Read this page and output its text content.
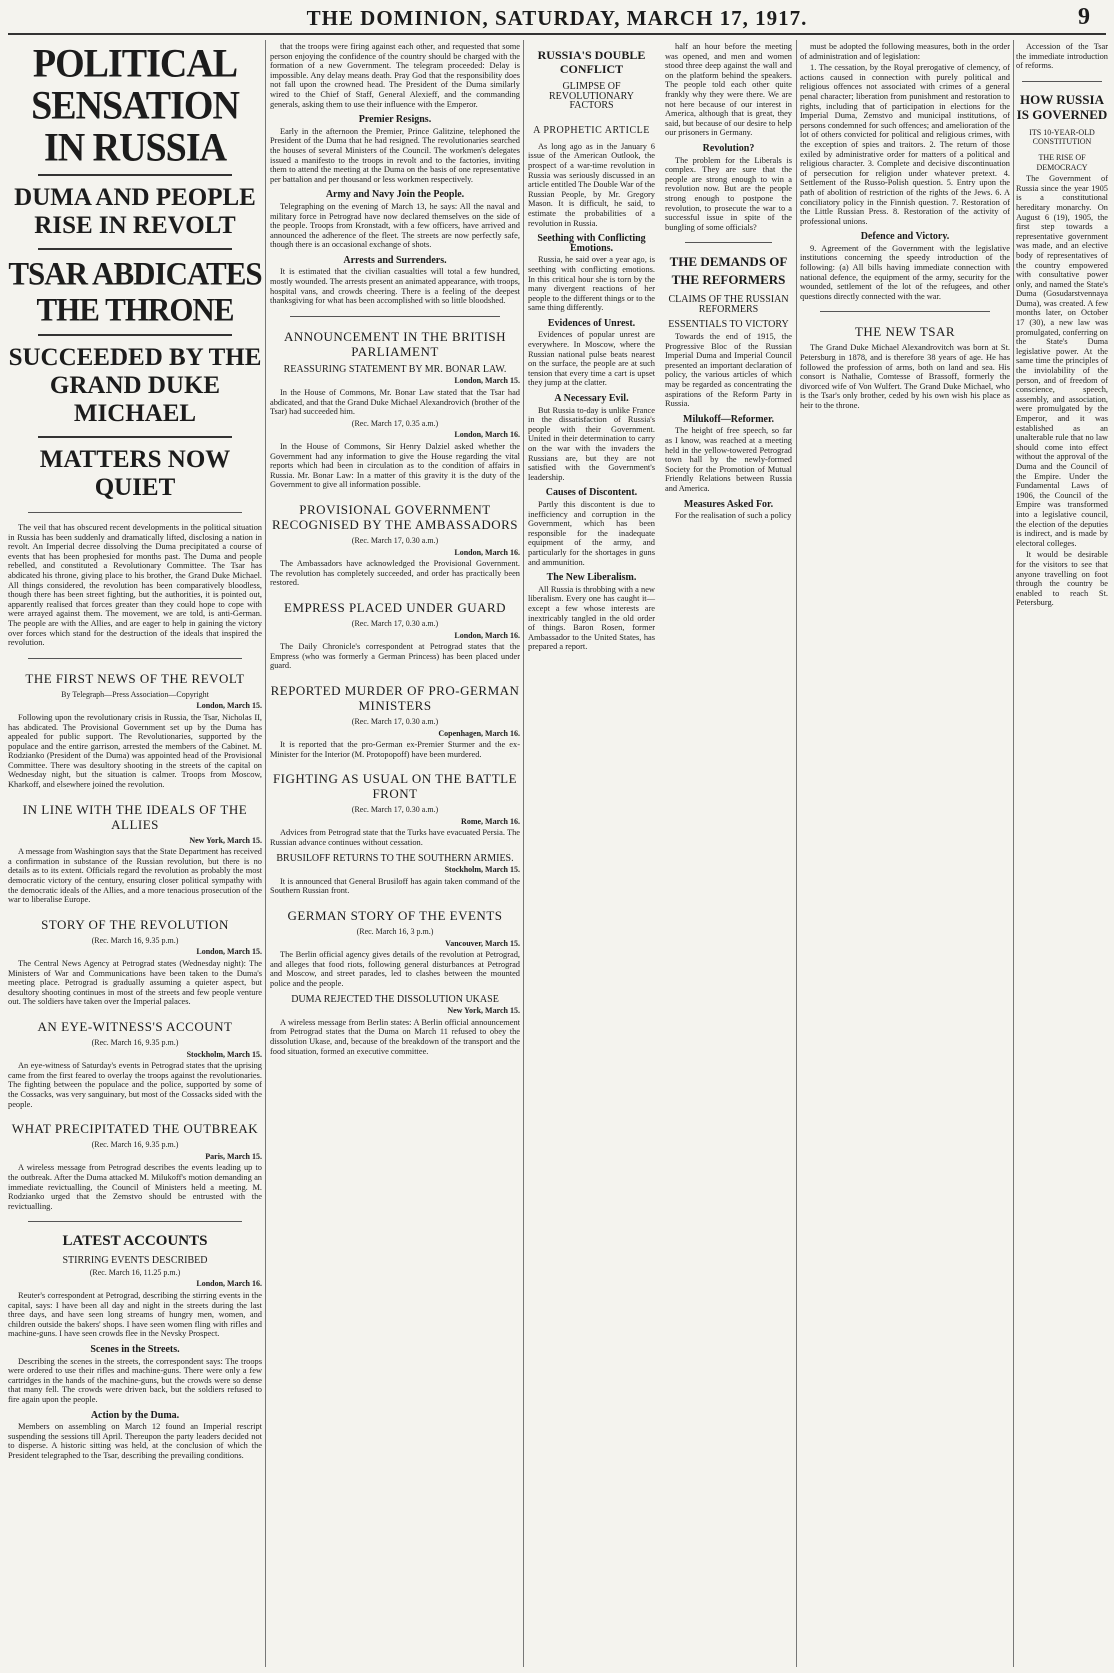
THE DOMINION, SATURDAY, MARCH 17, 1917.	9
POLITICAL SENSATION IN RUSSIA
DUMA AND PEOPLE RISE IN REVOLT
TSAR ABDICATES THE THRONE
SUCCEEDED BY THE GRAND DUKE MICHAEL
MATTERS NOW QUIET

The veil that has obscured recent developments in the political situation in Russia has been suddenly and dramatically lifted, disclosing a nation in revolt. An Imperial decree dissolving the Duma precipitated a course of events that has been prophesied for months past. The Duma and people rebelled, and constituted a Revolutionary Committee. The Tsar has abdicated his throne, giving place to his brother, the Grand Duke Michael. All things considered, the revolution has been comparatively bloodless, though there has been street fighting, but the authorities, it is pointed out, apparently realised that forces greater than they could hope to cope with were arrayed against them. The movement, we are told, is anti-German. The people are with the Allies, and are eager to help in gaining the victory over forces which stand for the destruction of the ideals that inspired the revolution.

THE FIRST NEWS OF THE REVOLT
By Telegraph—Press Association—Copyright
London, March 15.

Following upon the revolutionary crisis in Russia, the Tsar, Nicholas II, has abdicated. The Provisional Government set up by the Duma has appealed for public support. The Revolutionaries, supported by the populace and the entire garrison, arrested the members of the Cabinet. M. Rodzianko (President of the Duma) was appointed head of the Provisional Committee. There was desultory shooting in the streets of the capital on Wednesday night, but the situation is calmer. Troops from Moscow, Kharkoff, and elsewhere joined the revolution.

IN LINE WITH THE IDEALS OF THE ALLIES
New York, March 15.

A message from Washington says that the State Department has received a confirmation in substance of the Russian revolution, but there is no details as to its extent. Officials regard the revolution as probably the most democratic victory of the century, ensuring closer political sympathy with the democratic ideals of the Allies, and a more tenacious prosecution of the war to liberalise Europe.

STORY OF THE REVOLUTION
(Rec. March 16, 9.35 p.m.)
London, March 15.

The Central News Agency at Petrograd states (Wednesday night): The Ministers of War and Communications have been taken to the Duma's meeting place. Petrograd is gradually assuming a quieter aspect, but desultory shooting continues in most of the streets and few people venture out. The soldiers have taken over the Imperial palaces.

AN EYE-WITNESS'S ACCOUNT
(Rec. March 16, 9.35 p.m.)
Stockholm, March 15.

An eye-witness of Saturday's events in Petrograd states that the uprising came from the first feared to overlay the troops against the revolutionaries. The fighting between the populace and the police, supported by some of the Cossacks, was very sanguinary, but most of the Cossacks sided with the people.

WHAT PRECIPITATED THE OUTBREAK
(Rec. March 16, 9.35 p.m.)
Paris, March 15.

A wireless message from Petrograd describes the events leading up to the outbreak. After the Duma attacked M. Milukoff's motion demanding an immediate revictualling, the Council of Ministers held a meeting. M. Rodzianko urged that the Zemstvo should be entrusted with the revictualling.

LATEST ACCOUNTS
STIRRING EVENTS DESCRIBED
(Rec. March 16, 11.25 p.m.)
London, March 16.

Reuter's correspondent at Petrograd, describing the stirring events in the capital, says: I have been all day and night in the streets during the last three days, and have seen long streams of hungry men, women, and children outside the bakers' shops. I have seen women fling with rifles and machine-guns. I have seen crowds flee in the Nevsky Prospect.

Scenes in the Streets.

Describing the scenes in the streets, the correspondent says: The troops were ordered to use their rifles and machine-guns. There were only a few cartridges in the hands of the machine-guns, but the crowds were so dense that many fell. The crowds were driven back, but the soldiers refused to fire again upon the people.

Action by the Duma.

Members on assembling on March 12 found an Imperial rescript suspending the sessions till April. Thereupon the party leaders decided not to disperse. A historic sitting was held, at the conclusion of which the President telegraphed to the Tsar, describing the prevailing conditions.

that the troops were firing against each other, and requested that some person enjoying the confidence of the country should be charged with the formation of a new Government. The telegram proceeded: Delay is impossible. Any delay means death. Pray God that the responsibility does not fall upon the crowned head. The President of the Duma similarly wired to the Chief of Staff, General Alexieff, and the commanding generals, asking them to use their influence with the Emperor.

Premier Resigns.

Early in the afternoon the Premier, Prince Galitzine, telephoned the President of the Duma that he had resigned. The revolutionaries searched the houses of several Ministers of the Council. The workmen's delegates issued a manifesto to the troops in revolt and to the factories, inviting them to attend the meeting at the Duma on the basis of one representative per battalion and per thousand or less workmen respectively.

Army and Navy Join the People.

Telegraphing on the evening of March 13, he says: All the naval and military force in Petrograd have now declared themselves on the side of the people. Troops from Kronstadt, with a few officers, have arrived and announced the adherence of the fleet. The streets are now perfectly safe, though there is an occasional exchange of shots.

Arrests and Surrenders.

It is estimated that the civilian casualties will total a few hundred, mostly wounded. The arrests present an animated appearance, with troops, hospital vans, and crowds cheering. There is a feeling of the deepest thanksgiving for what has been accomplished with so little bloodshed.

ANNOUNCEMENT IN THE BRITISH PARLIAMENT
REASSURING STATEMENT BY MR. BONAR LAW.
London, March 15.

In the House of Commons, Mr. Bonar Law stated that the Tsar had abdicated, and that the Grand Duke Michael Alexandrovich (brother of the Tsar) had succeeded him.

(Rec. March 17, 0.35 a.m.)
London, March 16.

In the House of Commons, Sir Henry Dalziel asked whether the Government had any information to give the House regarding the vital reports which had been in circulation as to the condition of affairs in Russia. Mr. Bonar Law: In a matter of this gravity it is the duty of the Government to give all information possible.

PROVISIONAL GOVERNMENT RECOGNISED BY THE AMBASSADORS
(Rec. March 17, 0.30 a.m.)
London, March 16.

The Ambassadors have acknowledged the Provisional Government. The revolution has completely succeeded, and order has practically been restored.

EMPRESS PLACED UNDER GUARD
(Rec. March 17, 0.30 a.m.)
London, March 16.

The Daily Chronicle's correspondent at Petrograd states that the Empress (who was formerly a German Princess) has been placed under guard.

REPORTED MURDER OF PRO-GERMAN MINISTERS
(Rec. March 17, 0.30 a.m.)
Copenhagen, March 16.

It is reported that the pro-German ex-Premier Sturmer and the ex-Minister for the Interior (M. Protopopoff) have been murdered.

FIGHTING AS USUAL ON THE BATTLE FRONT
(Rec. March 17, 0.30 a.m.)
Rome, March 16.

Advices from Petrograd state that the Turks have evacuated Persia. The Russian advance continues without cessation.

BRUSILOFF RETURNS TO THE SOUTHERN ARMIES.
Stockholm, March 15.

It is announced that General Brusiloff has again taken command of the Southern Russian front.

GERMAN STORY OF THE EVENTS
(Rec. March 16, 3 p.m.)
Vancouver, March 15.

The Berlin official agency gives details of the revolution at Petrograd, and alleges that food riots, following general disturbances at Petrograd and Moscow, and street parades, led to clashes between the mounted police and the people.

DUMA REJECTED THE DISSOLUTION UKASE
New York, March 15.

A wireless message from Berlin states: A Berlin official announcement from Petrograd states that the Duma on March 11 refused to obey the dissolution Ukase, and, because of the breakdown of the transport and the food situation, formed an executive committee.

RUSSIA'S DOUBLE CONFLICT
GLIMPSE OF REVOLUTIONARY FACTORS
A PROPHETIC ARTICLE

As long ago as in the January 6 issue of the American Outlook, the prospect of a war-time revolution in Russia was seriously discussed in an article entitled The Double War of the Russian People, by Mr. Gregory Mason. It is difficult, he said, to estimate the probabilities of a revolution in Russia.

Seething with Conflicting Emotions.

Russia, he said over a year ago, is seething with conflicting emotions. In this critical hour she is torn by the many divergent reactions of her people to the different things or to the same thing differently.

Evidences of Unrest.

Evidences of popular unrest are everywhere. In Moscow, where the Russian national pulse beats nearest on the surface, the people are at such tension that every time a cart is upset they jump at the clatter.

A Necessary Evil.

But Russia to-day is unlike France in the dissatisfaction of Russia's people with their Government. United in their determination to carry on the war with the invaders the Russians are, but they are not satisfied with the Government's leadership.

Causes of Discontent.

Partly this discontent is due to inefficiency and corruption in the Government, which has been responsible for the inadequate equipment of the army, and particularly for the shortages in guns and ammunition.

The New Liberalism.

All Russia is throbbing with a new liberalism. Every one has caught it—except a few whose interests are inextricably tangled in the old order of things. Baron Rosen, former Ambassador to the United States, has prepared a report.

half an hour before the meeting was opened, and men and women stood three deep against the wall and on the platform behind the speakers. The people told each other quite frankly why they were there. We are not here because of our interest in America, although that is great, they said, but because of our desire to help our prisoners in Germany.

Revolution?

The problem for the Liberals is complex. They are sure that the people are strong enough to win a revolution now. But are the people strong enough to postpone the revolution, to prosecute the war to a successful issue in spite of the bungling of some officials?

THE DEMANDS OF THE REFORMERS
CLAIMS OF THE RUSSIAN REFORMERS
ESSENTIALS TO VICTORY

Towards the end of 1915, the Progressive Bloc of the Russian Imperial Duma and Imperial Council presented an important declaration of policy, the various articles of which may be regarded as concentrating the aspirations of the Reform Party in Russia.

Milukoff—Reformer.

The height of free speech, so far as I know, was reached at a meeting held in the yellow-towered Petrograd town hall by the newly-formed Society for the Promotion of Mutual Friendly Relations between Russia and America.

Measures Asked For.

For the realisation of such a policy

must be adopted the following measures, both in the order of administration and of legislation:

1. The cessation, by the Royal prerogative of clemency, of actions caused in connection with purely political and religious offences not associated with crimes of a general penal character; liberation from punishment and restoration to rights, including that of participation in elections for the Imperial Duma, Zemstvo and municipal institutions, of persons condemned for such offences; and amelioration of the lot of others convicted for political and religious crimes, with the exception of spies and traitors. 2. The return of those exiled by administrative order for matters of a political and religious character. 3. Complete and decisive discontinuation of persecution for religion under whatever pretext. 4. Settlement of the Russo-Polish question. 5. Entry upon the path of abolition of restriction of the rights of the Jews. 6. A conciliatory policy in the Finnish question. 7. Restoration of the Little Russian Press. 8. Restoration of the activity of professional unions.

Defence and Victory.

9. Agreement of the Government with the legislative institutions concerning the speedy introduction of the following: (a) All bills having immediate connection with national defence, the equipment of the army, security for the wounded, settlement of the lot of the refugees, and other questions directly connected with the war.

THE NEW TSAR

The Grand Duke Michael Alexandrovitch was born at St. Petersburg in 1878, and is therefore 38 years of age. He has followed the profession of arms, both on land and sea. His consort is Nathalie, Comtesse of Brassoff, formerly the divorced wife of Von Wulfert. The Grand Duke Michael, who is the Tsar's only brother, ceded by his own wish his place as heir to the throne.

Accession of the Tsar the immediate introduction of reforms.

HOW RUSSIA IS GOVERNED
ITS 10-YEAR-OLD CONSTITUTION
THE RISE OF DEMOCRACY

The Government of Russia since the year 1905 is a constitutional hereditary monarchy. On August 6 (19), 1905, the first step towards a representative government was made, and an elective body of representatives of the country empowered with consultative power only, and named the State's Duma (Gosudarstvennaya Duma), was created. A few months later, on October 17 (30), a new law was promulgated, conferring on the State's Duma legislative power. At the same time the principles of the inviolability of the person, and of freedom of conscience, speech, assembly, and association, were promulgated by the Emperor, and it was established as an unalterable rule that no law should come into effect without the approval of the Duma and the Council of the Empire. Under the Fundamental Laws of 1906, the Council of the Empire was transformed into a legislative council, the election of the deputies is indirect, and is made by electoral colleges.

It would be desirable for the visitors to see that anyone travelling on foot through the country be enabled to reach St. Petersburg.
